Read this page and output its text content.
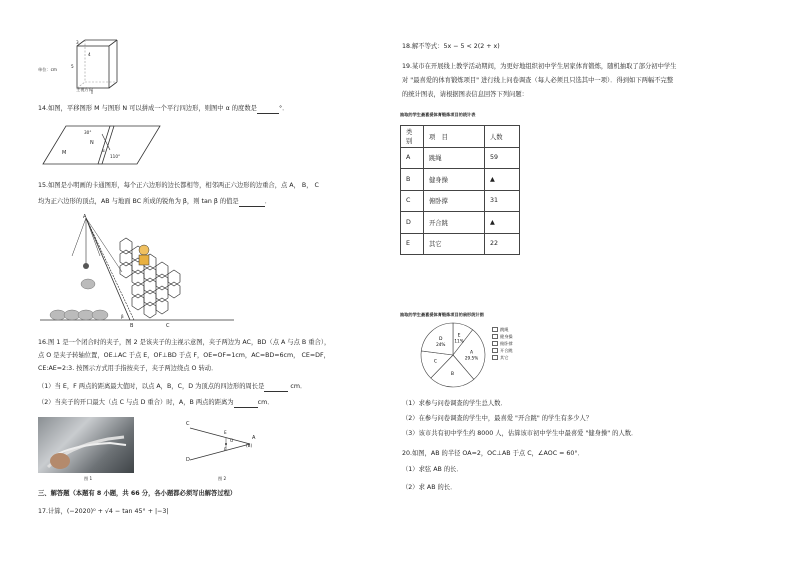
3
4
5
单位：cm
主视方向
14.如图，平移图形 M 与图形 N 可以拼成一个平行四边形，则图中 α 的度数是	°．
M
N
30°
110°
α
15.如图是小明画的卡通图形，每个正六边形的边长都相等，相邻两正六边形的边重合，点 A， B， C
均为正六边形的顶点，AB 与地面 BC 所成的锐角为 β，则 tan β 的值是	．
A
B	C
β
16.图 1 是一个闭合时的夹子，图 2 是该夹子的主视示意图，夹子两边为 AC，BD（点 A 与点 B 重合），
点 O 是夹子转轴位置，OE⊥AC 于点 E，OF⊥BD 于点 F，OE=OF=1cm，AC=BD=6cm， CE=DF，
CE:AE=2:3. 按图示方式用手指按夹子，夹子两边绕点 O 转动．
（1）当 E，F 两点的距离最大值时，以点 A，B，C，D 为顶点的四边形的周长是	cm．
（2）当夹子的开口最大（点 C 与点 D 重合）时，A，B 两点的距离为	cm．
图 1
C
D
E
F
O	A
(B)
图 2
三、解答题（本题有 8 小题，共 66 分，各小题都必须写出解答过程）
17.计算，(−2020)⁰ + √4 − tan 45° + |−3|
18.解不等式：5x − 5 < 2(2 + x)
19.某市在开展线上教学活动期间，为更好地组织初中学生居家体育锻炼，随机抽取了部分初中学生
对 "最喜爱的体育锻炼项目" 进行线上问卷调查（每人必须且只选其中一项）．得到如下两幅不完整
的统计图表，请根据图表信息回答下列问题：
抽取的学生最喜爱体育锻炼项目的统计表
类别	项　目	人数
A	跳绳	59
B	健身操	▲
C	俯卧撑	31
D	开合跳	▲
E	其它	22
抽取的学生最喜爱体育锻炼项目的扇形统计图
E
11%
A
29.5%
B
C
D
24%
跳绳
健身操
俯卧撑
开合跳
其它
（1）求参与问卷调查的学生总人数．
（2）在参与问卷调查的学生中，最喜爱 "开合跳" 的学生有多少人？
（3）该市共有初中学生约 8000 人，估算该市初中学生中最喜爱 "健身操" 的人数．
20.如图，AB 的半径 OA=2，OC⊥AB 于点 C，∠AOC = 60°．
（1）求弦 AB 的长．
（2）求 AB 的长．
